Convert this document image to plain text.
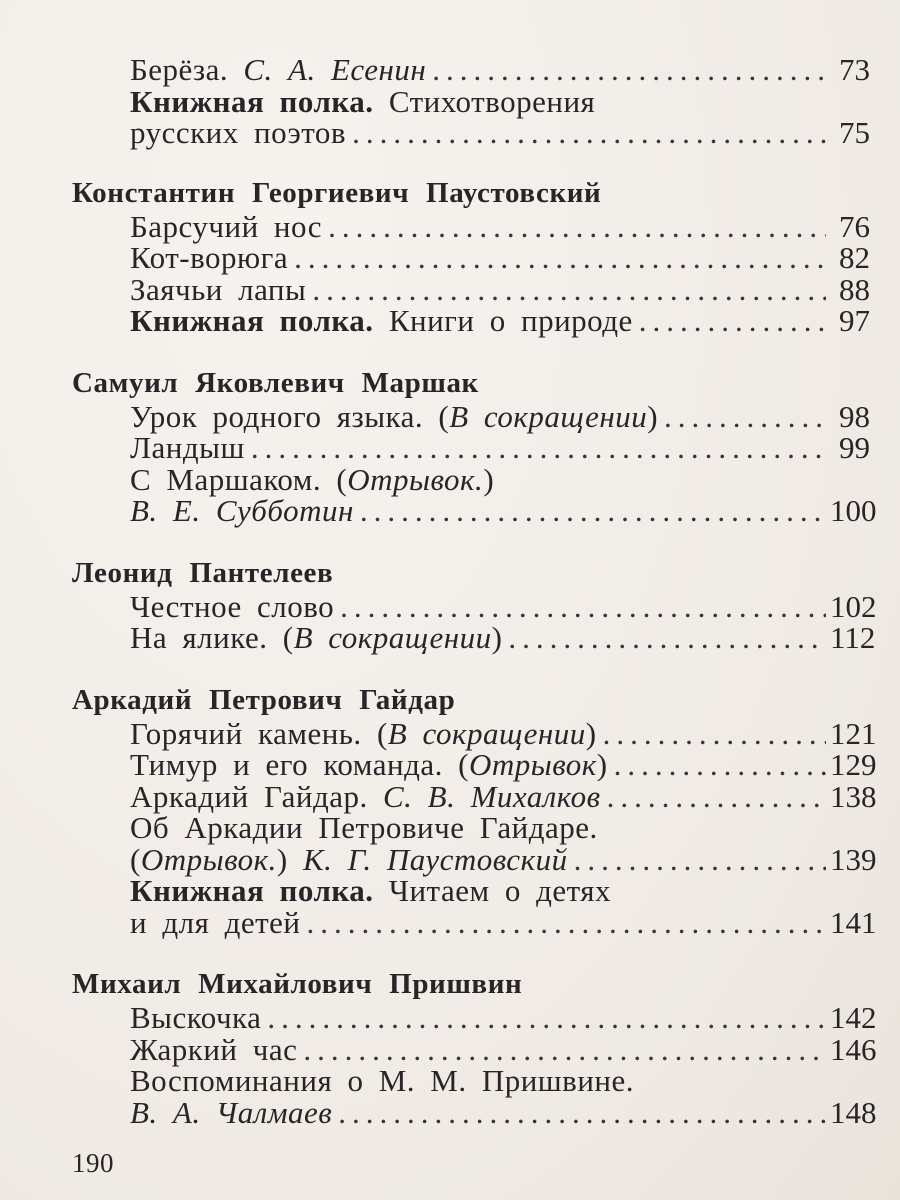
Берёза. С. А. Есенин .....	73
Книжная полка. Стихотворения
русских поэтов .....	75
Константин Георгиевич Паустовский
Барсучий нос .....	76
Кот-ворюга .....	82
Заячьи лапы .....	88
Книжная полка. Книги о природе .....	97
Самуил Яковлевич Маршак
Урок родного языка. (В сокращении) .....	98
Ландыш .....	99
С Маршаком. (Отрывок.)
В. Е. Субботин .....	100
Леонид Пантелеев
Честное слово .....	102
На ялике. (В сокращении) .....	112
Аркадий Петрович Гайдар
Горячий камень. (В сокращении) .....	121
Тимур и его команда. (Отрывок) .....	129
Аркадий Гайдар. С. В. Михалков .....	138
Об Аркадии Петровиче Гайдаре.
(Отрывок.) К. Г. Паустовский .....	139
Книжная полка. Читаем о детях
и для детей .....	141
Михаил Михайлович Пришвин
Выскочка .....	142
Жаркий час .....	146
Воспоминания о М. М. Пришвине.
В. А. Чалмаев .....	148
190
